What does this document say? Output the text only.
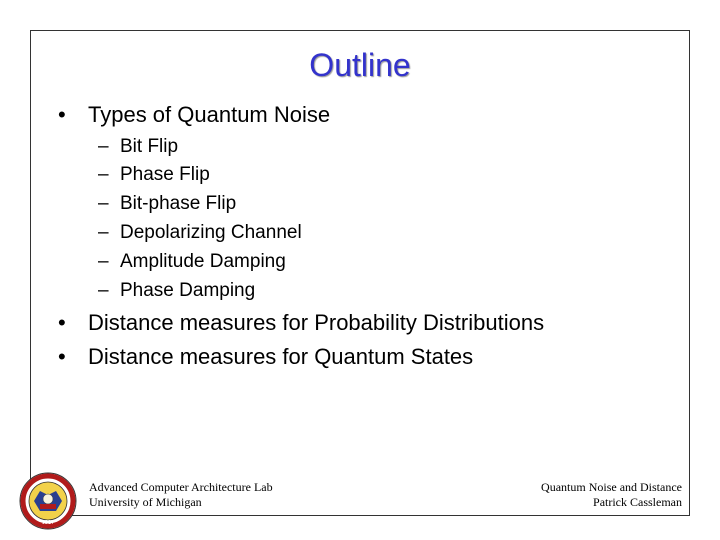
Outline
• Types of Quantum Noise
– Bit Flip
– Phase Flip
– Bit-phase Flip
– Depolarizing Channel
– Amplitude Damping
– Phase Damping
• Distance measures for Probability Distributions
• Distance measures for Quantum States
1817
Advanced Computer Architecture Lab
University of Michigan
Quantum Noise and Distance
Patrick Cassleman
